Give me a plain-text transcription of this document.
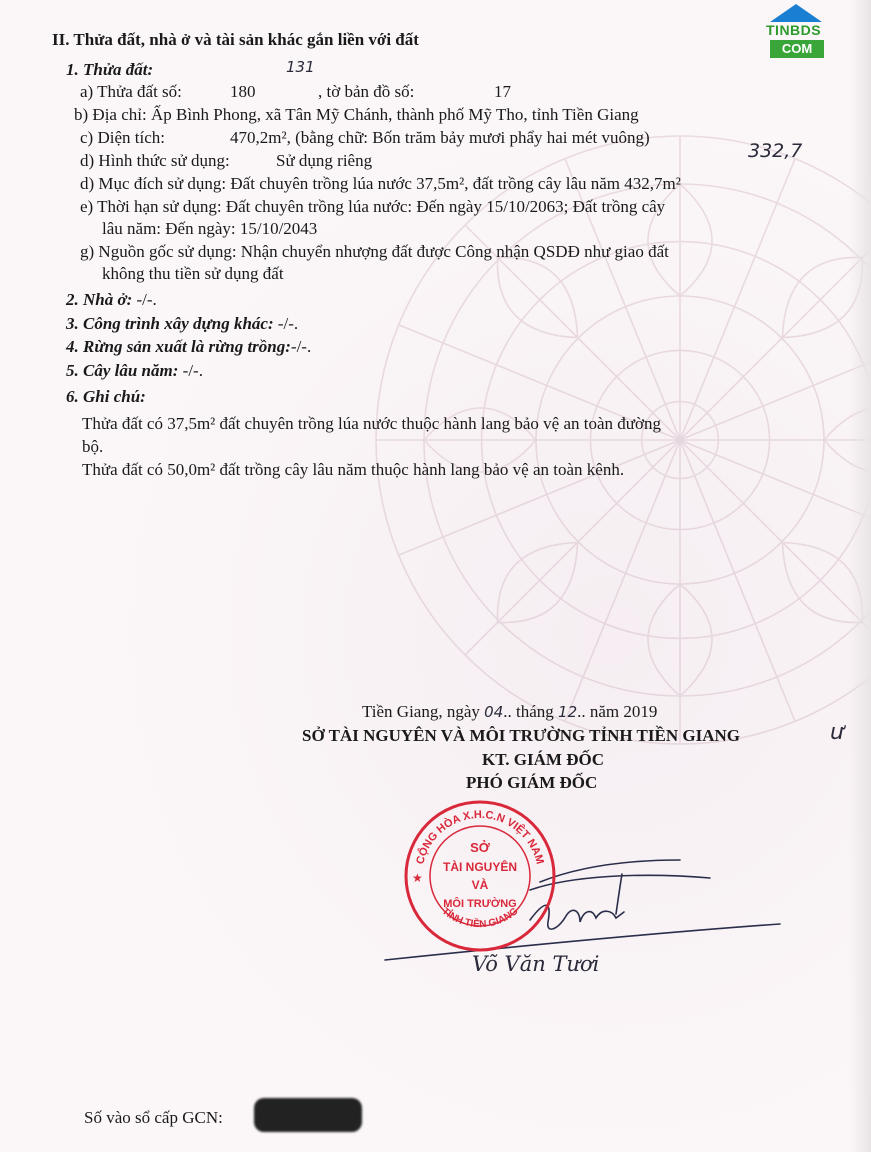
TINBDS
COM
II. Thửa đất, nhà ở và tài sản khác gắn liền với đất
1. Thửa đất:	131
a) Thửa đất số:	180	, tờ bản đồ số:	17
b) Địa chỉ: Ấp Bình Phong, xã Tân Mỹ Chánh, thành phố Mỹ Tho, tỉnh Tiền Giang
c) Diện tích:	470,2m², (bằng chữ: Bốn trăm bảy mươi phẩy hai mét vuông)
d) Hình thức sử dụng:	Sử dụng riêng	332,7
d) Mục đích sử dụng: Đất chuyên trồng lúa nước 37,5m², đất trồng cây lâu năm 432,7m²
e) Thời hạn sử dụng: Đất chuyên trồng lúa nước: Đến ngày 15/10/2063; Đất trồng cây
lâu năm: Đến ngày: 15/10/2043
g) Nguồn gốc sử dụng: Nhận chuyển nhượng đất được Công nhận QSDĐ như giao đất
không thu tiền sử dụng đất
2. Nhà ở: -/-.
3. Công trình xây dựng khác: -/-.
4. Rừng sản xuất là rừng trồng:-/-.
5. Cây lâu năm: -/-.
6. Ghi chú:
Thửa đất có 37,5m² đất chuyên trồng lúa nước thuộc hành lang bảo vệ an toàn đường
bộ.
Thửa đất có 50,0m² đất trồng cây lâu năm thuộc hành lang bảo vệ an toàn kênh.
Tiền Giang, ngày 04.. tháng 12.. năm 2019
SỞ TÀI NGUYÊN VÀ MÔI TRƯỜNG TỈNH TIỀN GIANG	ư
KT. GIÁM ĐỐC
PHÓ GIÁM ĐỐC
Võ Văn Tươi
CỘNG HÒA X.H.C.N VIỆT NAM
TỈNH TIỀN GIANG
SỞ
TÀI NGUYÊN
VÀ
MÔI TRƯỜNG
★
Số vào sổ cấp GCN:
